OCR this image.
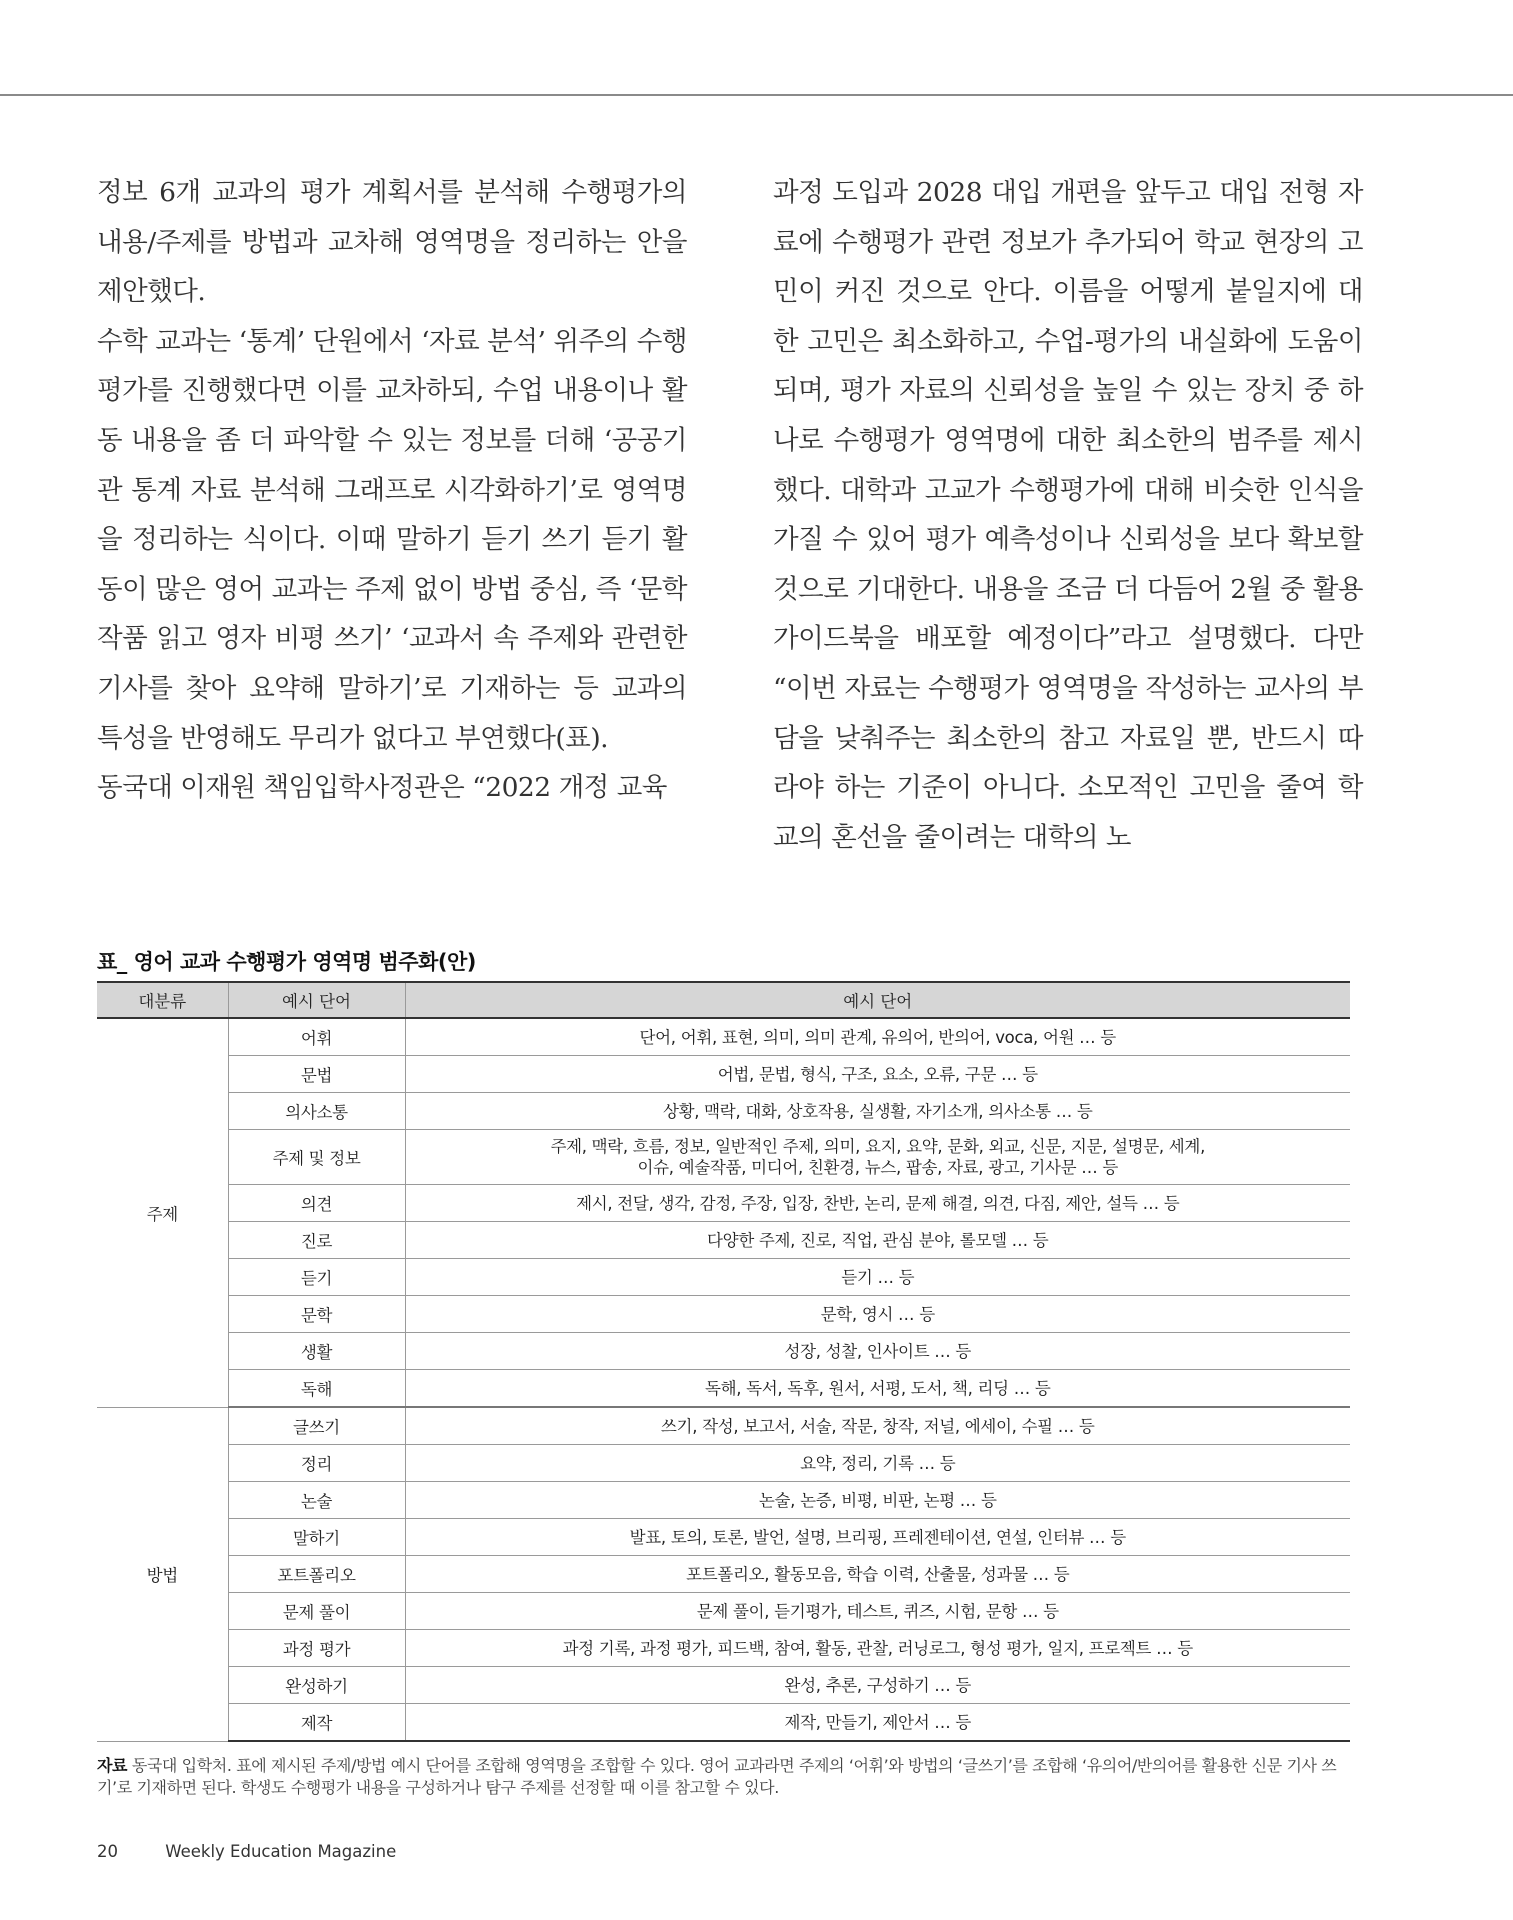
정보 6개 교과의 평가 계획서를 분석해 수행평가의 내용/주제를 방법과 교차해 영역명을 정리하는 안을 제안했다.

수학 교과는 ‘통계’ 단원에서 ‘자료 분석’ 위주의 수행평가를 진행했다면 이를 교차하되, 수업 내용이나 활동 내용을 좀 더 파악할 수 있는 정보를 더해 ‘공공기관 통계 자료 분석해 그래프로 시각화하기’로 영역명을 정리하는 식이다. 이때 말하기 듣기 쓰기 듣기 활동이 많은 영어 교과는 주제 없이 방법 중심, 즉 ‘문학 작품 읽고 영자 비평 쓰기’ ‘교과서 속 주제와 관련한 기사를 찾아 요약해 말하기’로 기재하는 등 교과의 특성을 반영해도 무리가 없다고 부연했다(표).

동국대 이재원 책임입학사정관은 “2022 개정 교육

과정 도입과 2028 대입 개편을 앞두고 대입 전형 자료에 수행평가 관련 정보가 추가되어 학교 현장의 고민이 커진 것으로 안다. 이름을 어떻게 붙일지에 대한 고민은 최소화하고, 수업-평가의 내실화에 도움이 되며, 평가 자료의 신뢰성을 높일 수 있는 장치 중 하나로 수행평가 영역명에 대한 최소한의 범주를 제시했다. 대학과 고교가 수행평가에 대해 비슷한 인식을 가질 수 있어 평가 예측성이나 신뢰성을 보다 확보할 것으로 기대한다. 내용을 조금 더 다듬어 2월 중 활용 가이드북을 배포할 예정이다”라고 설명했다. 다만 “이번 자료는 수행평가 영역명을 작성하는 교사의 부담을 낮춰주는 최소한의 참고 자료일 뿐, 반드시 따라야 하는 기준이 아니다. 소모적인 고민을 줄여 학교의 혼선을 줄이려는 대학의 노

표_ 영어 교과 수행평가 영역명 범주화(안)
대분류	예시 단어	예시 단어
주제	어휘	단어, 어휘, 표현, 의미, 의미 관계, 유의어, 반의어, voca, 어원 … 등
	문법	어법, 문법, 형식, 구조, 요소, 오류, 구문 … 등
	의사소통	상황, 맥락, 대화, 상호작용, 실생활, 자기소개, 의사소통 … 등
	주제 및 정보	주제, 맥락, 흐름, 정보, 일반적인 주제, 의미, 요지, 요약, 문화, 외교, 신문, 지문, 설명문, 세계,
이슈, 예술작품, 미디어, 친환경, 뉴스, 팝송, 자료, 광고, 기사문 … 등
	의견	제시, 전달, 생각, 감정, 주장, 입장, 찬반, 논리, 문제 해결, 의견, 다짐, 제안, 설득 … 등
	진로	다양한 주제, 진로, 직업, 관심 분야, 롤모델 … 등
	듣기	듣기 … 등
	문학	문학, 영시 … 등
	생활	성장, 성찰, 인사이트 … 등
	독해	독해, 독서, 독후, 원서, 서평, 도서, 책, 리딩 … 등
방법	글쓰기	쓰기, 작성, 보고서, 서술, 작문, 창작, 저널, 에세이, 수필 … 등
	정리	요약, 정리, 기록 … 등
	논술	논술, 논증, 비평, 비판, 논평 … 등
	말하기	발표, 토의, 토론, 발언, 설명, 브리핑, 프레젠테이션, 연설, 인터뷰 … 등
	포트폴리오	포트폴리오, 활동모음, 학습 이력, 산출물, 성과물 … 등
	문제 풀이	문제 풀이, 듣기평가, 테스트, 퀴즈, 시험, 문항 … 등
	과정 평가	과정 기록, 과정 평가, 피드백, 참여, 활동, 관찰, 러닝로그, 형성 평가, 일지, 프로젝트 … 등
	완성하기	완성, 추론, 구성하기 … 등
	제작	제작, 만들기, 제안서 … 등
자료 동국대 입학처. 표에 제시된 주제/방법 예시 단어를 조합해 영역명을 조합할 수 있다. 영어 교과라면 주제의 ‘어휘’와 방법의 ‘글쓰기’를 조합해 ‘유의어/반의어를 활용한 신문 기사 쓰기’로 기재하면 된다. 학생도 수행평가 내용을 구성하거나 탐구 주제를 선정할 때 이를 참고할 수 있다.
20	Weekly Education Magazine
